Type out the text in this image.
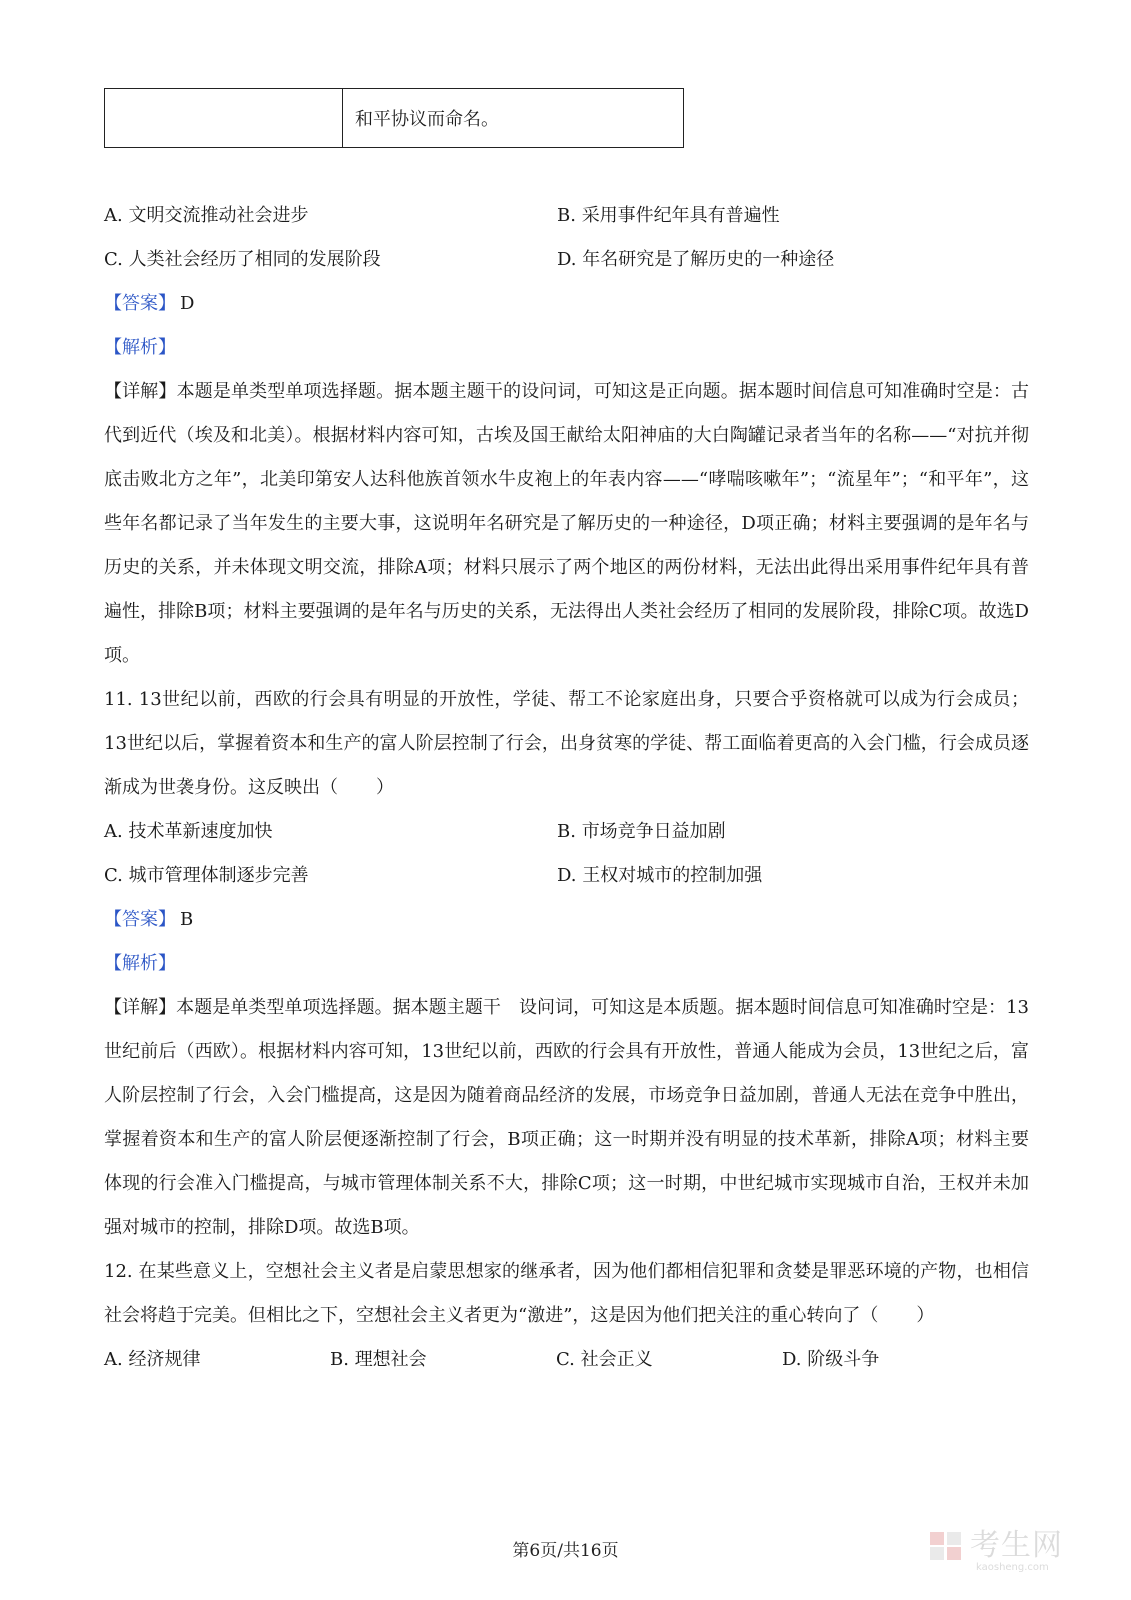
	和平协议而命名。
A. 文明交流推动社会进步	B. 采用事件纪年具有普遍性
C. 人类社会经历了相同的发展阶段	D. 年名研究是了解历史的一种途径

【答案】 D

【解析】

【详解】本题是单类型单项选择题。据本题主题干的设问词，可知这是正向题。据本题时间信息可知准确时空是：古代到近代（埃及和北美）。根据材料内容可知，古埃及国王献给太阳神庙的大白陶罐记录者当年的名称——“对抗并彻底击败北方之年”，北美印第安人达科他族首领水牛皮袍上的年表内容——“哮喘咳嗽年”；“流星年”；“和平年”，这些年名都记录了当年发生的主要大事，这说明年名研究是了解历史的一种途径，D项正确；材料主要强调的是年名与历史的关系，并未体现文明交流，排除A项；材料只展示了两个地区的两份材料，无法出此得出采用事件纪年具有普遍性，排除B项；材料主要强调的是年名与历史的关系，无法得出人类社会经历了相同的发展阶段，排除C项。故选D项。

11. 13世纪以前，西欧的行会具有明显的开放性，学徒、帮工不论家庭出身，只要合乎资格就可以成为行会成员；13世纪以后，掌握着资本和生产的富人阶层控制了行会，出身贫寒的学徒、帮工面临着更高的入会门槛，行会成员逐渐成为世袭身份。这反映出（ ）

A. 技术革新速度加快	B. 市场竞争日益加剧
C. 城市管理体制逐步完善	D. 王权对城市的控制加强

【答案】 B

【解析】

【详解】本题是单类型单项选择题。据本题主题干　设问词，可知这是本质题。据本题时间信息可知准确时空是：13世纪前后（西欧）。根据材料内容可知，13世纪以前，西欧的行会具有开放性，普通人能成为会员，13世纪之后，富人阶层控制了行会，入会门槛提高，这是因为随着商品经济的发展，市场竞争日益加剧，普通人无法在竞争中胜出，掌握着资本和生产的富人阶层便逐渐控制了行会，B项正确；这一时期并没有明显的技术革新，排除A项；材料主要体现的行会准入门槛提高，与城市管理体制关系不大，排除C项；这一时期，中世纪城市实现城市自治，王权并未加强对城市的控制，排除D项。故选B项。

12. 在某些意义上，空想社会主义者是启蒙思想家的继承者，因为他们都相信犯罪和贪婪是罪恶环境的产物，也相信社会将趋于完美。但相比之下，空想社会主义者更为“激进”，这是因为他们把关注的重心转向了（ ）

A. 经济规律	B. 理想社会	C. 社会正义	D. 阶级斗争
第6页/共16页	考生网
kaosheng.com
